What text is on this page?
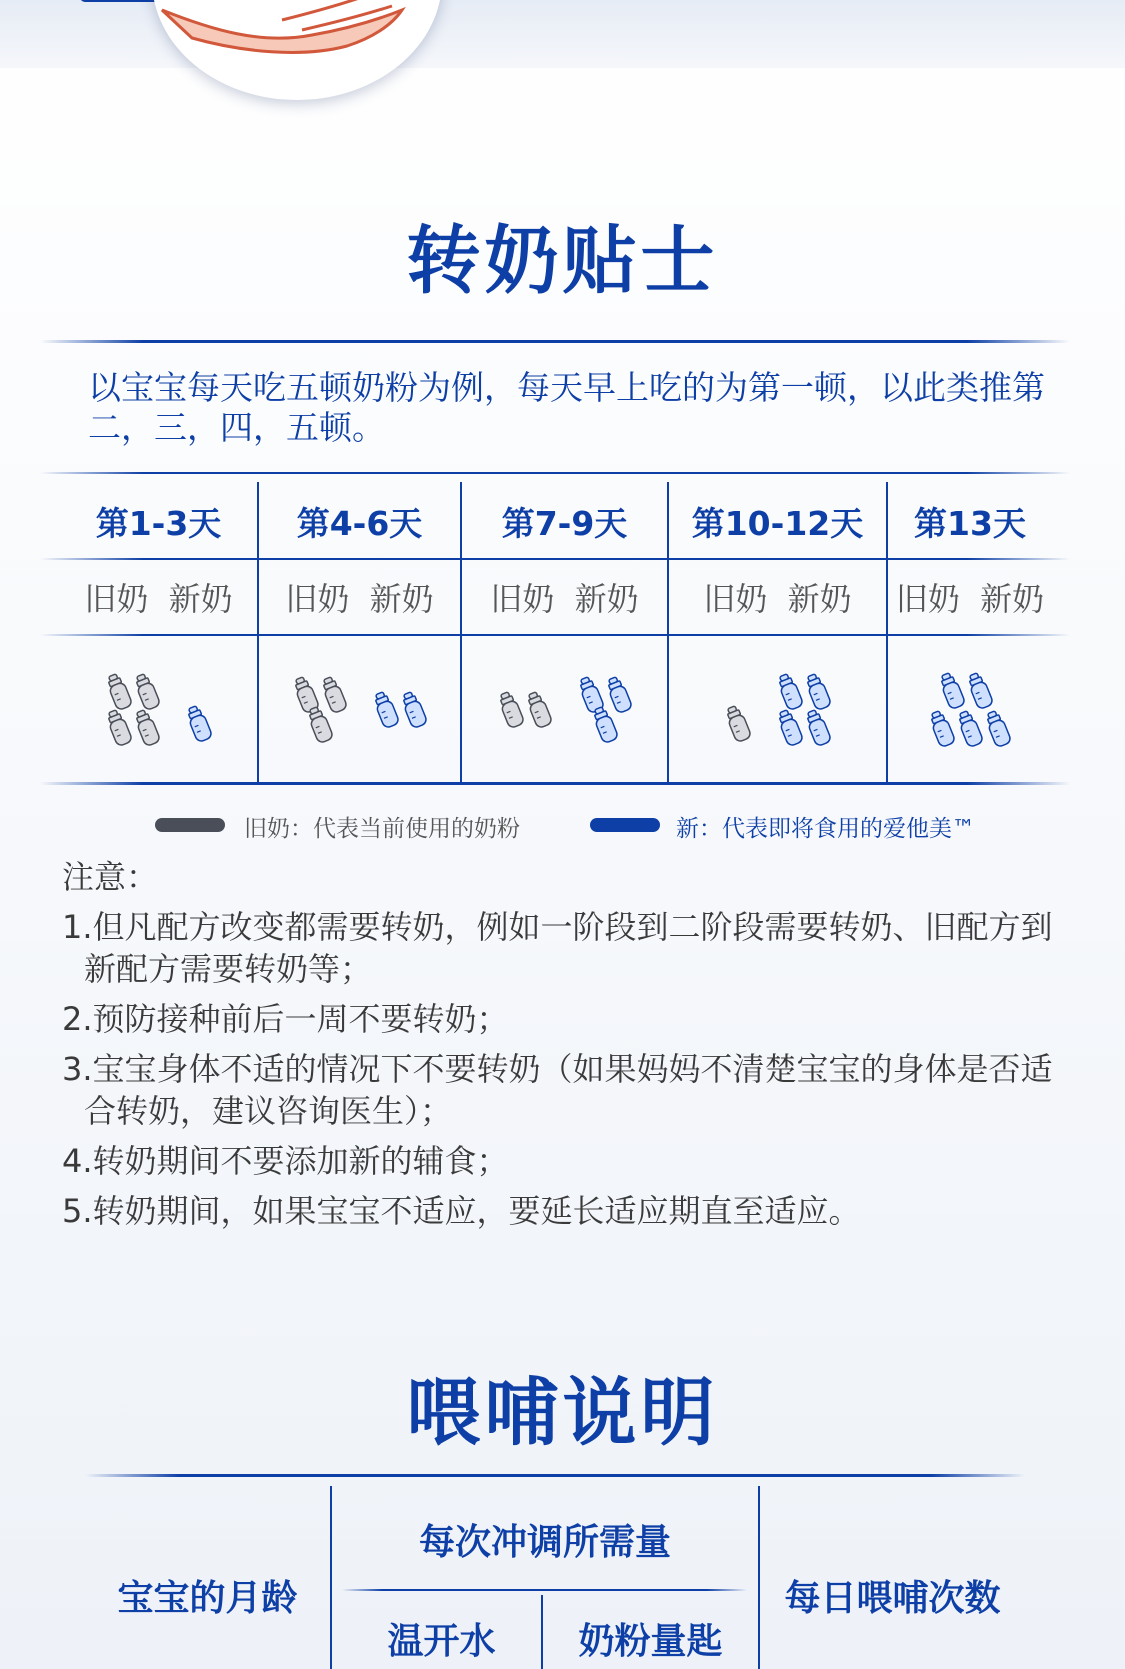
转奶贴士
以宝宝每天吃五顿奶粉为例，每天早上吃的为第一顿，以此类推第二，三，四，五顿。
第1-3天	第4-6天	第7-9天	第10-12天	第13天
旧奶 新奶	旧奶 新奶	旧奶 新奶	旧奶 新奶	旧奶 新奶
旧奶：代表当前使用的奶粉	新：代表即将食用的爱他美™
注意：
1.但凡配方改变都需要转奶，例如一阶段到二阶段需要转奶、旧配方到
新配方需要转奶等；
2.预防接种前后一周不要转奶；
3.宝宝身体不适的情况下不要转奶（如果妈妈不清楚宝宝的身体是否适
合转奶，建议咨询医生）；
4.转奶期间不要添加新的辅食；
5.转奶期间，如果宝宝不适应，要延长适应期直至适应。
喂哺说明
宝宝的月龄
每次冲调所需量
温开水	奶粉量匙
每日喂哺次数
